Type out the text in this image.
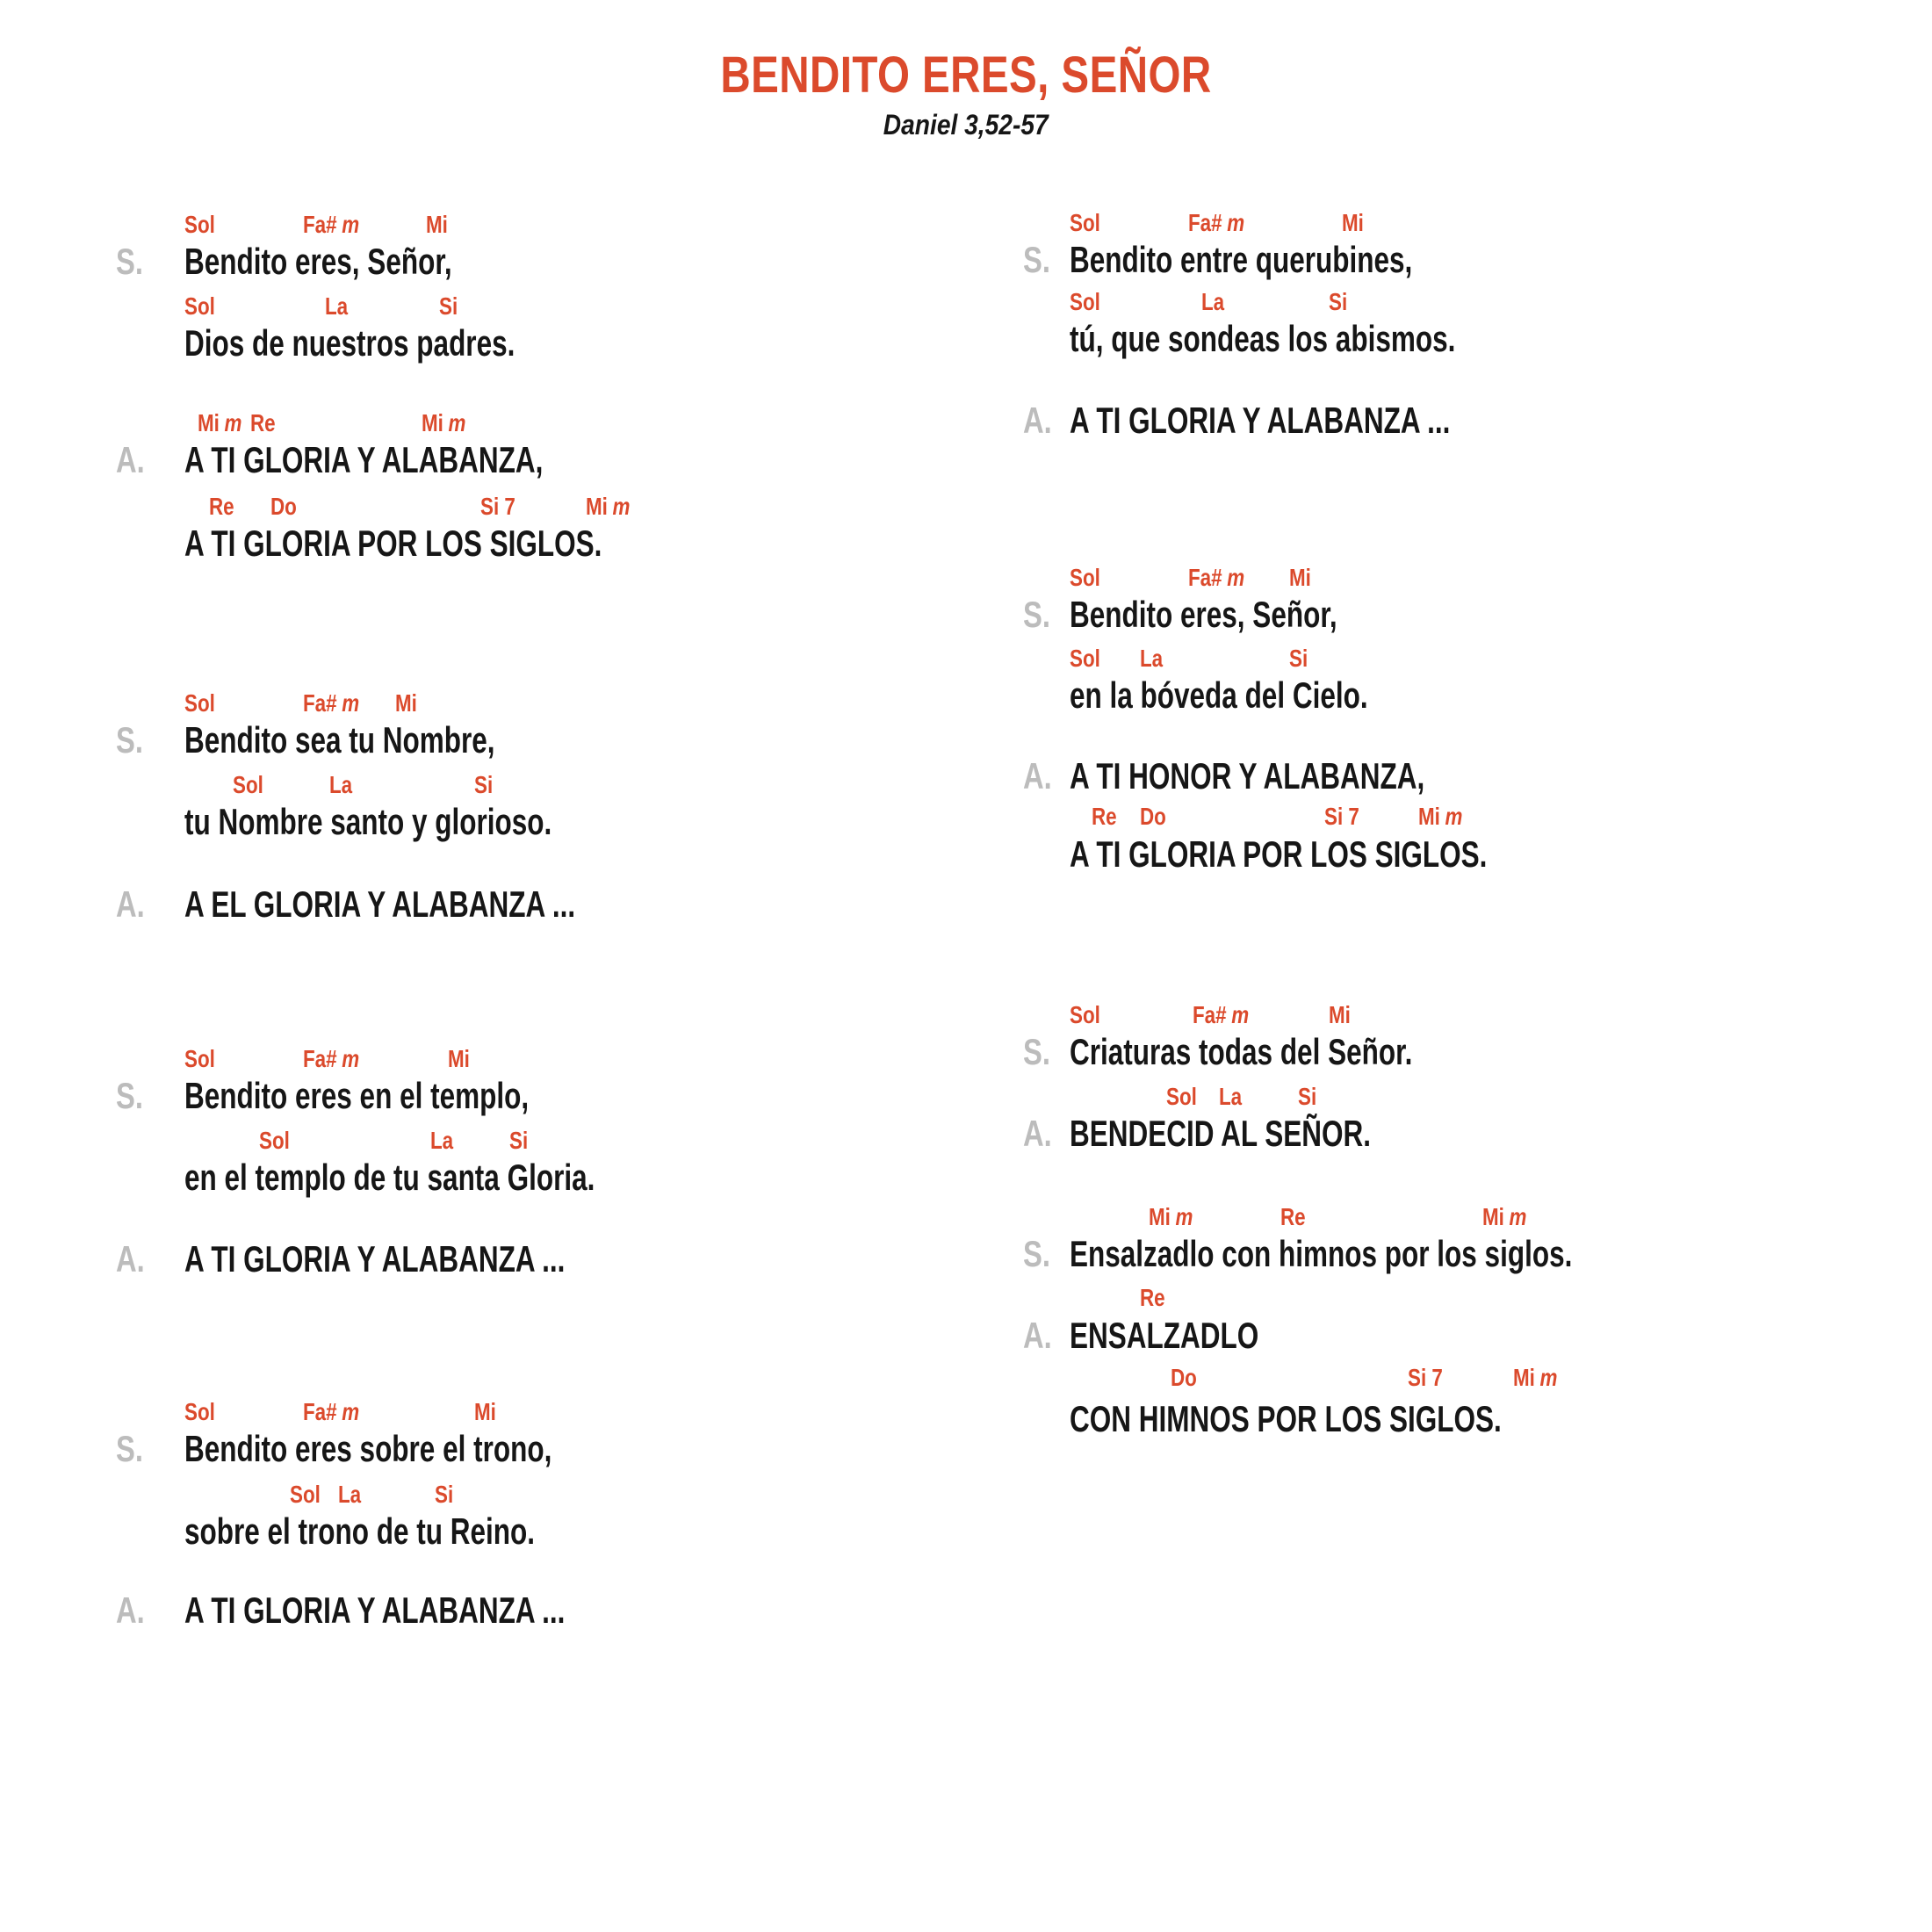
BENDITO ERES, SEÑOR
Daniel 3,52-57
S.
Sol	Fa# m	Mi
Bendito eres, Señor,
Sol	La	Si
Dios de nuestros padres.
A.
Mi m Re	Mi m
A TI GLORIA Y ALABANZA,
Re Do	Si 7	Mi m
A TI GLORIA POR LOS SIGLOS.
S.
Sol	Fa# m Mi
Bendito sea tu Nombre,
Sol	La	Si
tu Nombre santo y glorioso.
A. A EL GLORIA Y ALABANZA ...
S.
Sol	Fa# m	Mi
Bendito eres en el templo,
Sol	La Si
en el templo de tu santa Gloria.
A. A TI GLORIA Y ALABANZA ...
S.
Sol	Fa# m	Mi
Bendito eres sobre el trono,
Sol La	Si
sobre el trono de tu Reino.
A. A TI GLORIA Y ALABANZA ...
S.
Sol	Fa# m	Mi
Bendito entre querubines,
Sol	La	Si
tú, que sondeas los abismos.
A. A TI GLORIA Y ALABANZA ...
S.
Sol	Fa# m Mi
Bendito eres, Señor,
Sol La	Si
en la bóveda del Cielo.
A. A TI HONOR Y ALABANZA,
Re Do	Si 7 Mi m
A TI GLORIA POR LOS SIGLOS.
S.
Sol	Fa# m	Mi
Criaturas todas del Señor.
A.
Sol La Si
BENDECID AL SEÑOR.
S.
Mi m	Re	Mi m
Ensalzadlo con himnos por los siglos.
A.
Re
ENSALZADLO
Do	Si 7	Mi m
CON HIMNOS POR LOS SIGLOS.
